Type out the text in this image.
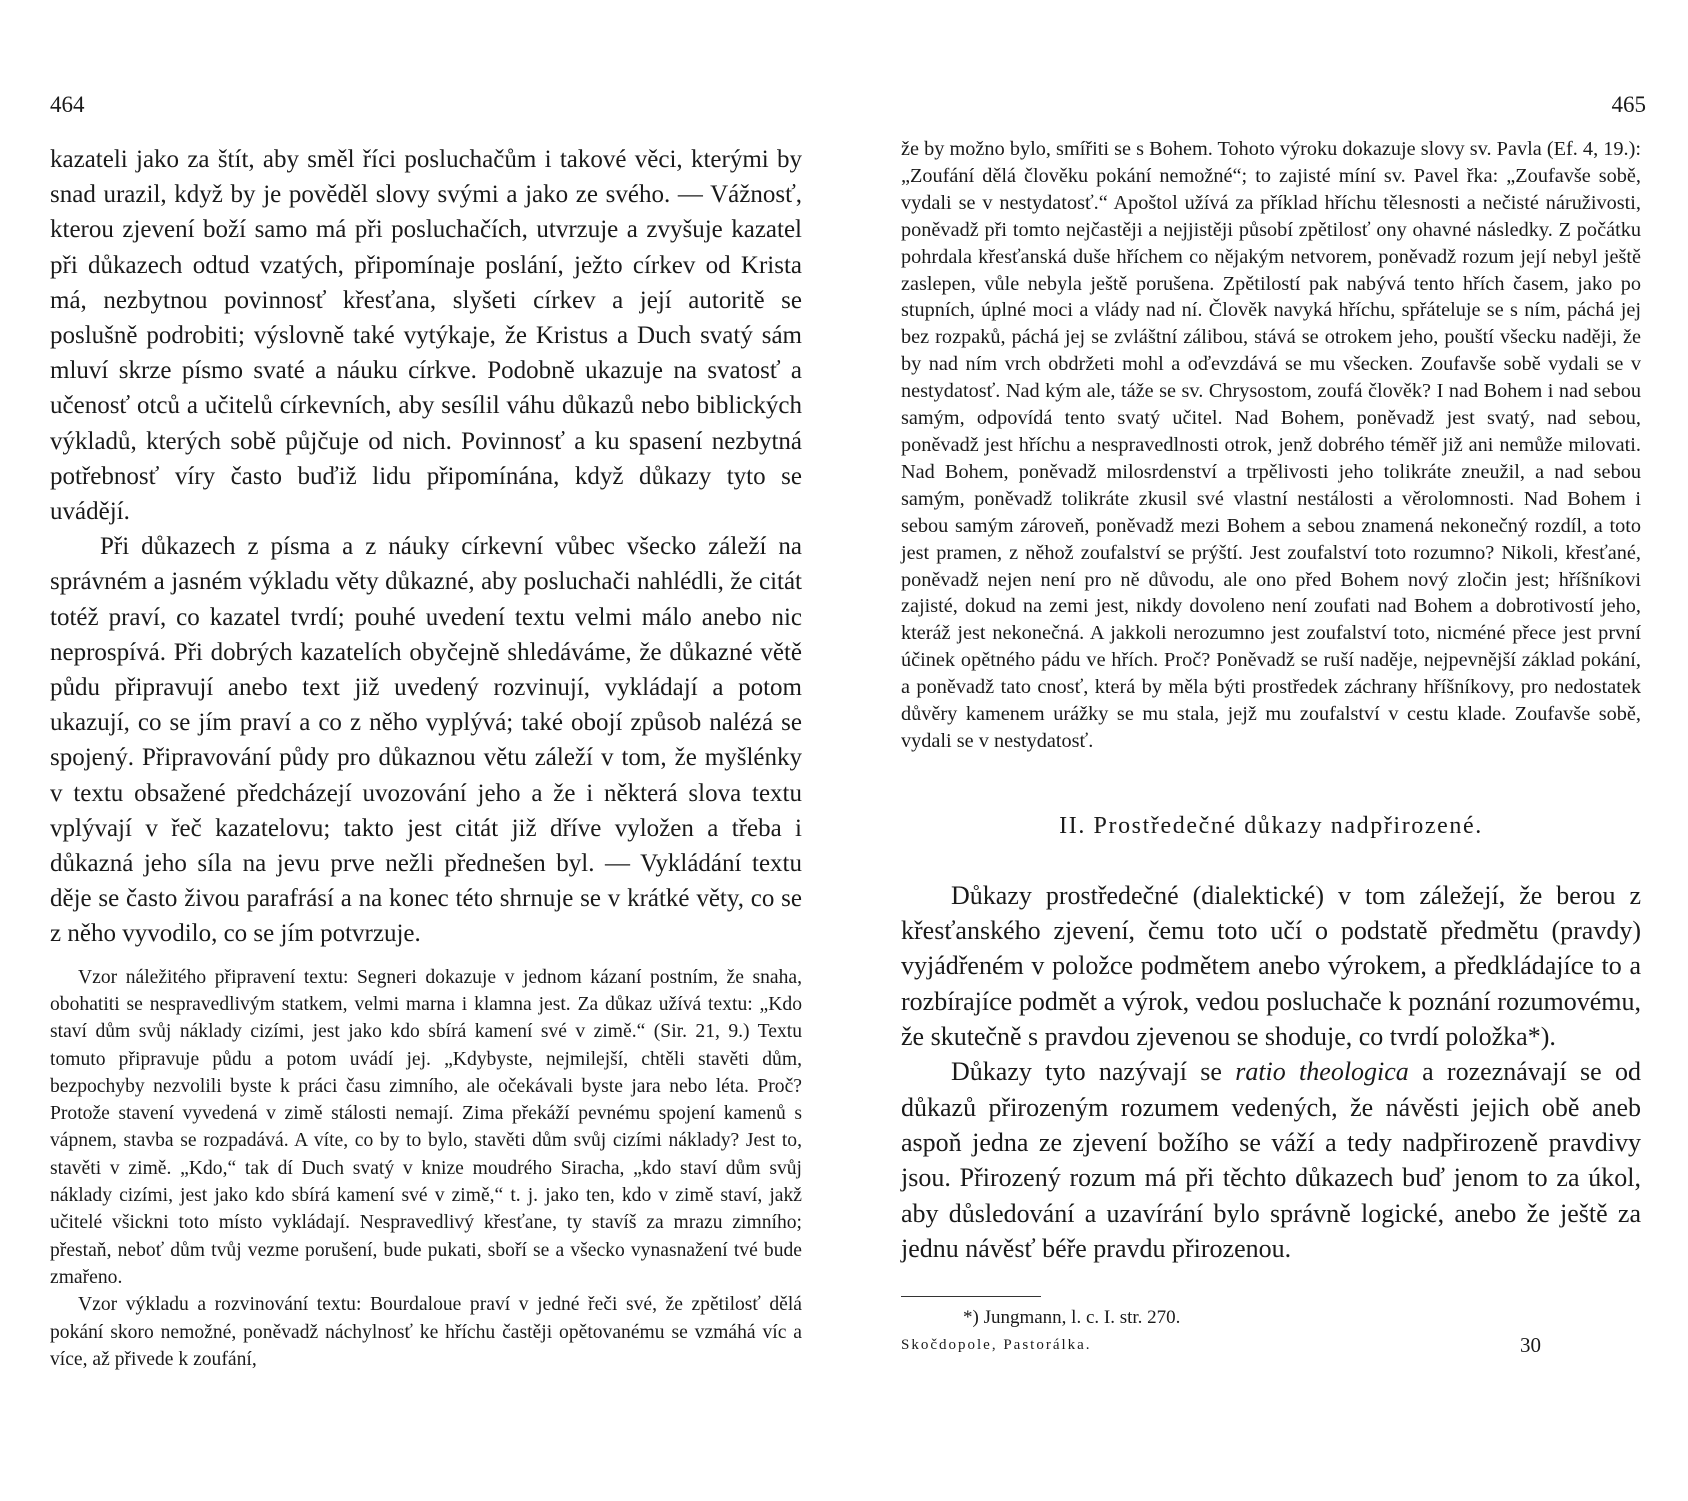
464

kazateli jako za štít, aby směl říci posluchačům i takové věci, kterými by snad urazil, když by je pověděl slovy svými a jako ze svého. — Vážnosť, kterou zjevení boží samo má při posluchačích, utvrzuje a zvyšuje kazatel při důkazech odtud vzatých, připomínaje poslání, ježto církev od Krista má, nezbytnou povinnosť křesťana, slyšeti církev a její autoritě se poslušně podrobiti; výslovně také vytýkaje, že Kristus a Duch svatý sám mluví skrze písmo svaté a náuku církve. Podobně ukazuje na svatosť a učenosť otců a učitelů církevních, aby sesílil váhu důkazů nebo biblických výkladů, kterých sobě půjčuje od nich. Povinnosť a ku spasení nezbytná potřebnosť víry často buďiž lidu připomínána, když důkazy tyto se uvádějí.

Při důkazech z písma a z náuky církevní vůbec všecko záleží na správném a jasném výkladu věty důkazné, aby posluchači nahlédli, že citát totéž praví, co kazatel tvrdí; pouhé uvedení textu velmi málo anebo nic neprospívá. Při dobrých kazatelích obyčejně shledáváme, že důkazné větě půdu připravují anebo text již uvedený rozvinují, vykládají a potom ukazují, co se jím praví a co z něho vyplývá; také obojí způsob nalézá se spojený. Připravování půdy pro důkaznou větu záleží v tom, že myšlénky v textu obsažené předcházejí uvozování jeho a že i některá slova textu vplývají v řeč kazatelovu; takto jest citát již dříve vyložen a třeba i důkazná jeho síla na jevu prve nežli přednešen byl. — Vykládání textu děje se často živou parafrásí a na konec této shrnuje se v krátké věty, co se z něho vyvodilo, co se jím potvrzuje.

Vzor náležitého připravení textu: Segneri dokazuje v jednom kázaní postním, že snaha, obohatiti se nespravedlivým statkem, velmi marna i klamna jest. Za důkaz užívá textu: „Kdo staví dům svůj náklady cizími, jest jako kdo sbírá kamení své v zimě.“ (Sir. 21, 9.) Textu tomuto připravuje půdu a potom uvádí jej. „Kdybyste, nejmilejší, chtěli stavěti dům, bezpochyby nezvolili byste k práci času zimního, ale očekávali byste jara nebo léta. Proč? Protože stavení vyvedená v zimě stálosti nemají. Zima překáží pevnému spojení kamenů s vápnem, stavba se rozpadává. A víte, co by to bylo, stavěti dům svůj cizími náklady? Jest to, stavěti v zimě. „Kdo,“ tak dí Duch svatý v knize moudrého Siracha, „kdo staví dům svůj náklady cizími, jest jako kdo sbírá kamení své v zimě,“ t. j. jako ten, kdo v zimě staví, jakž učitelé všickni toto místo vykládají. Nespravedlivý křesťane, ty stavíš za mrazu zimního; přestaň, neboť dům tvůj vezme porušení, bude pukati, sboří se a všecko vynasnažení tvé bude zmařeno.

Vzor výkladu a rozvinování textu: Bourdaloue praví v jedné řeči své, že zpětilosť dělá pokání skoro nemožné, poněvadž náchylnosť ke hříchu častěji opětovanému se vzmáhá víc a více, až přivede k zoufání,

465

že by možno bylo, smířiti se s Bohem. Tohoto výroku dokazuje slovy sv. Pavla (Ef. 4, 19.): „Zoufání dělá člověku pokání nemožné“; to zajisté míní sv. Pavel řka: „Zoufavše sobě, vydali se v nestydatosť.“ Apoštol užívá za příklad hříchu tělesnosti a nečisté náruživosti, poněvadž při tomto nejčastěji a nejjistěji působí zpětilosť ony ohavné následky. Z počátku pohrdala křesťanská duše hříchem co nějakým netvorem, poněvadž rozum její nebyl ještě zaslepen, vůle nebyla ještě porušena. Zpětilostí pak nabývá tento hřích časem, jako po stupních, úplné moci a vlády nad ní. Člověk navyká hříchu, spřáteluje se s ním, páchá jej bez rozpaků, páchá jej se zvláštní zálibou, stává se otrokem jeho, pouští všecku naději, že by nad ním vrch obdržeti mohl a oďevzdává se mu všecken. Zoufavše sobě vydali se v nestydatosť. Nad kým ale, táže se sv. Chrysostom, zoufá člověk? I nad Bohem i nad sebou samým, odpovídá tento svatý učitel. Nad Bohem, poněvadž jest svatý, nad sebou, poněvadž jest hříchu a nespravedlnosti otrok, jenž dobrého téměř již ani nemůže milovati. Nad Bohem, poněvadž milosrdenství a trpělivosti jeho tolikráte zneužil, a nad sebou samým, poněvadž tolikráte zkusil své vlastní nestálosti a věrolomnosti. Nad Bohem i sebou samým zároveň, poněvadž mezi Bohem a sebou znamená nekonečný rozdíl, a toto jest pramen, z něhož zoufalství se prýští. Jest zoufalství toto rozumno? Nikoli, křesťané, poněvadž nejen není pro ně důvodu, ale ono před Bohem nový zločin jest; hříšníkovi zajisté, dokud na zemi jest, nikdy dovoleno není zoufati nad Bohem a dobrotivostí jeho, kteráž jest nekonečná. A jakkoli nerozumno jest zoufalství toto, nicméné přece jest první účinek opětného pádu ve hřích. Proč? Poněvadž se ruší naděje, nejpevnější základ pokání, a poněvadž tato cnosť, která by měla býti prostředek záchrany hříšníkovy, pro nedostatek důvěry kamenem urážky se mu stala, jejž mu zoufalství v cestu klade. Zoufavše sobě, vydali se v nestydatosť.

II. Prostředečné důkazy nadpřirozené.

Důkazy prostředečné (dialektické) v tom záležejí, že berou z křesťanského zjevení, čemu toto učí o podstatě předmětu (pravdy) vyjádřeném v položce podmětem anebo výrokem, a předkládajíce to a rozbírajíce podmět a výrok, vedou posluchače k poznání rozumovému, že skutečně s pravdou zjevenou se shoduje, co tvrdí položka*).

Důkazy tyto nazývají se ratio theologica a rozeznávají se od důkazů přirozeným rozumem vedených, že návěsti jejich obě aneb aspoň jedna ze zjevení božího se váží a tedy nadpřirozeně pravdivy jsou. Přirozený rozum má při těchto důkazech buď jenom to za úkol, aby důsledování a uzavírání bylo správně logické, anebo že ještě za jednu návěsť béře pravdu přirozenou.

*) Jungmann, l. c. I. str. 270.
Skočdopole, Pastorálka.	30
